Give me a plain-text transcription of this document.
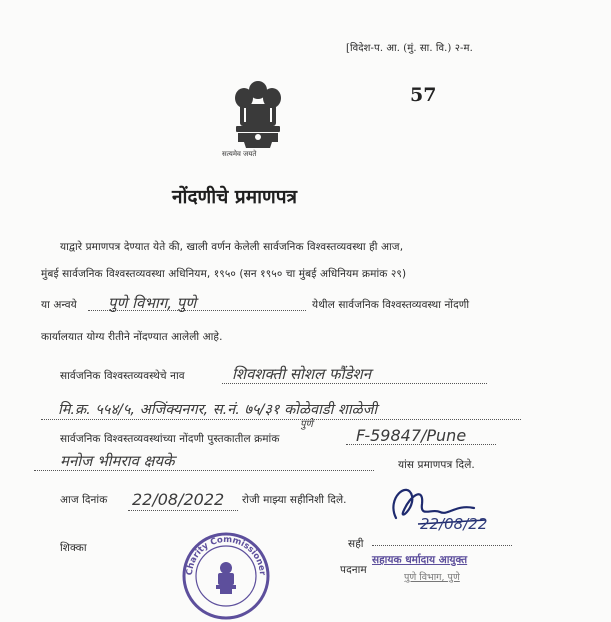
[विदेश-प. आ. (मुं. सा. वि.) २-म.
57
सत्यमेव जयते
नोंदणीचे प्रमाणपत्र
याद्वारे प्रमाणपत्र देण्यात येते की, खाली वर्णन केलेली सार्वजनिक विश्वस्तव्यवस्था ही आज,
मुंबई सार्वजनिक विश्वस्तव्यवस्था अधिनियम, १९५० (सन १९५० चा मुंबई अधिनियम क्रमांक २९)
या अन्वये पुणे विभाग, पुणे	येथील सार्वजनिक विश्वस्तव्यवस्था नोंदणी
कार्यालयात योग्य रीतीने नोंदण्यात आलेली आहे.
सार्वजनिक विश्वस्तव्यवस्थेचे नाव	शिवशक्ती सोशल फौंडेशन
मि.क्र. ५५४/५, अजिंक्यनगर, स.नं. ७५/३१ कोळेवाडी शाळेजी
पुणे
सार्वजनिक विश्वस्तव्यवस्थांच्या नोंदणी पुस्तकातील क्रमांक	F-59847/Pune
मनोज भीमराव क्षयके	यांस प्रमाणपत्र दिले.
आज दिनांक 22/08/2022 रोजी माझ्या सहीनिशी दिले.
शिक्का
Charity Commissioner
सही
22/08/22
पदनाम
सहायक धर्मादाय आयुक्त
पुणे विभाग, पुणे
